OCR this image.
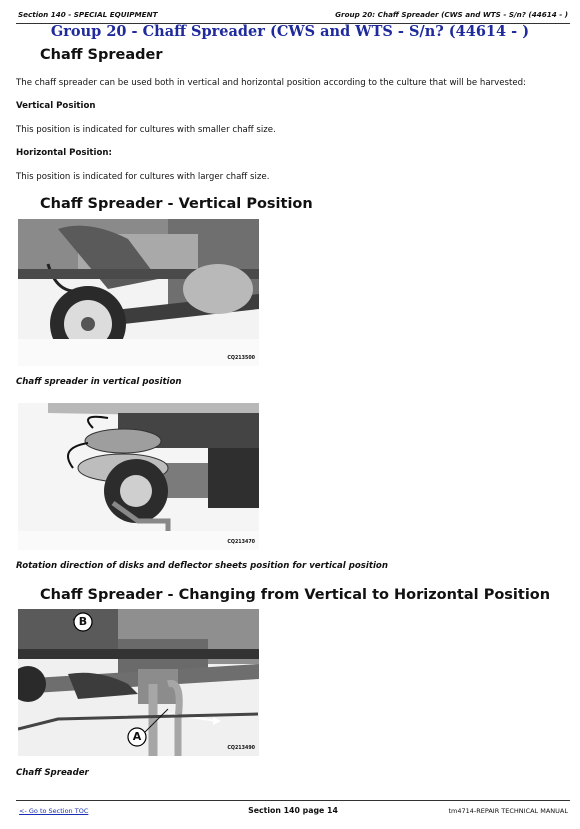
Section 140 - SPECIAL EQUIPMENT	Group 20: Chaff Spreader (CWS and WTS - S/n? (44614 - )
Group 20 - Chaff Spreader (CWS and WTS - S/n? (44614 - )
Chaff Spreader
The chaff spreader can be used both in vertical and horizontal position according to the culture that will be harvested:
Vertical Position
This position is indicated for cultures with smaller chaff size.
Horizontal Position:
This position is indicated for cultures with larger chaff size.
Chaff Spreader - Vertical Position
CQ213500
Chaff spreader in vertical position
CQ213470
Rotation direction of disks and deflector sheets position for vertical position
Chaff Spreader - Changing from Vertical to Horizontal Position
B
A
CQ213490
Chaff Spreader
<- Go to Section TOC	Section 140 page 14	tm4714-REPAIR TECHNICAL MANUAL
